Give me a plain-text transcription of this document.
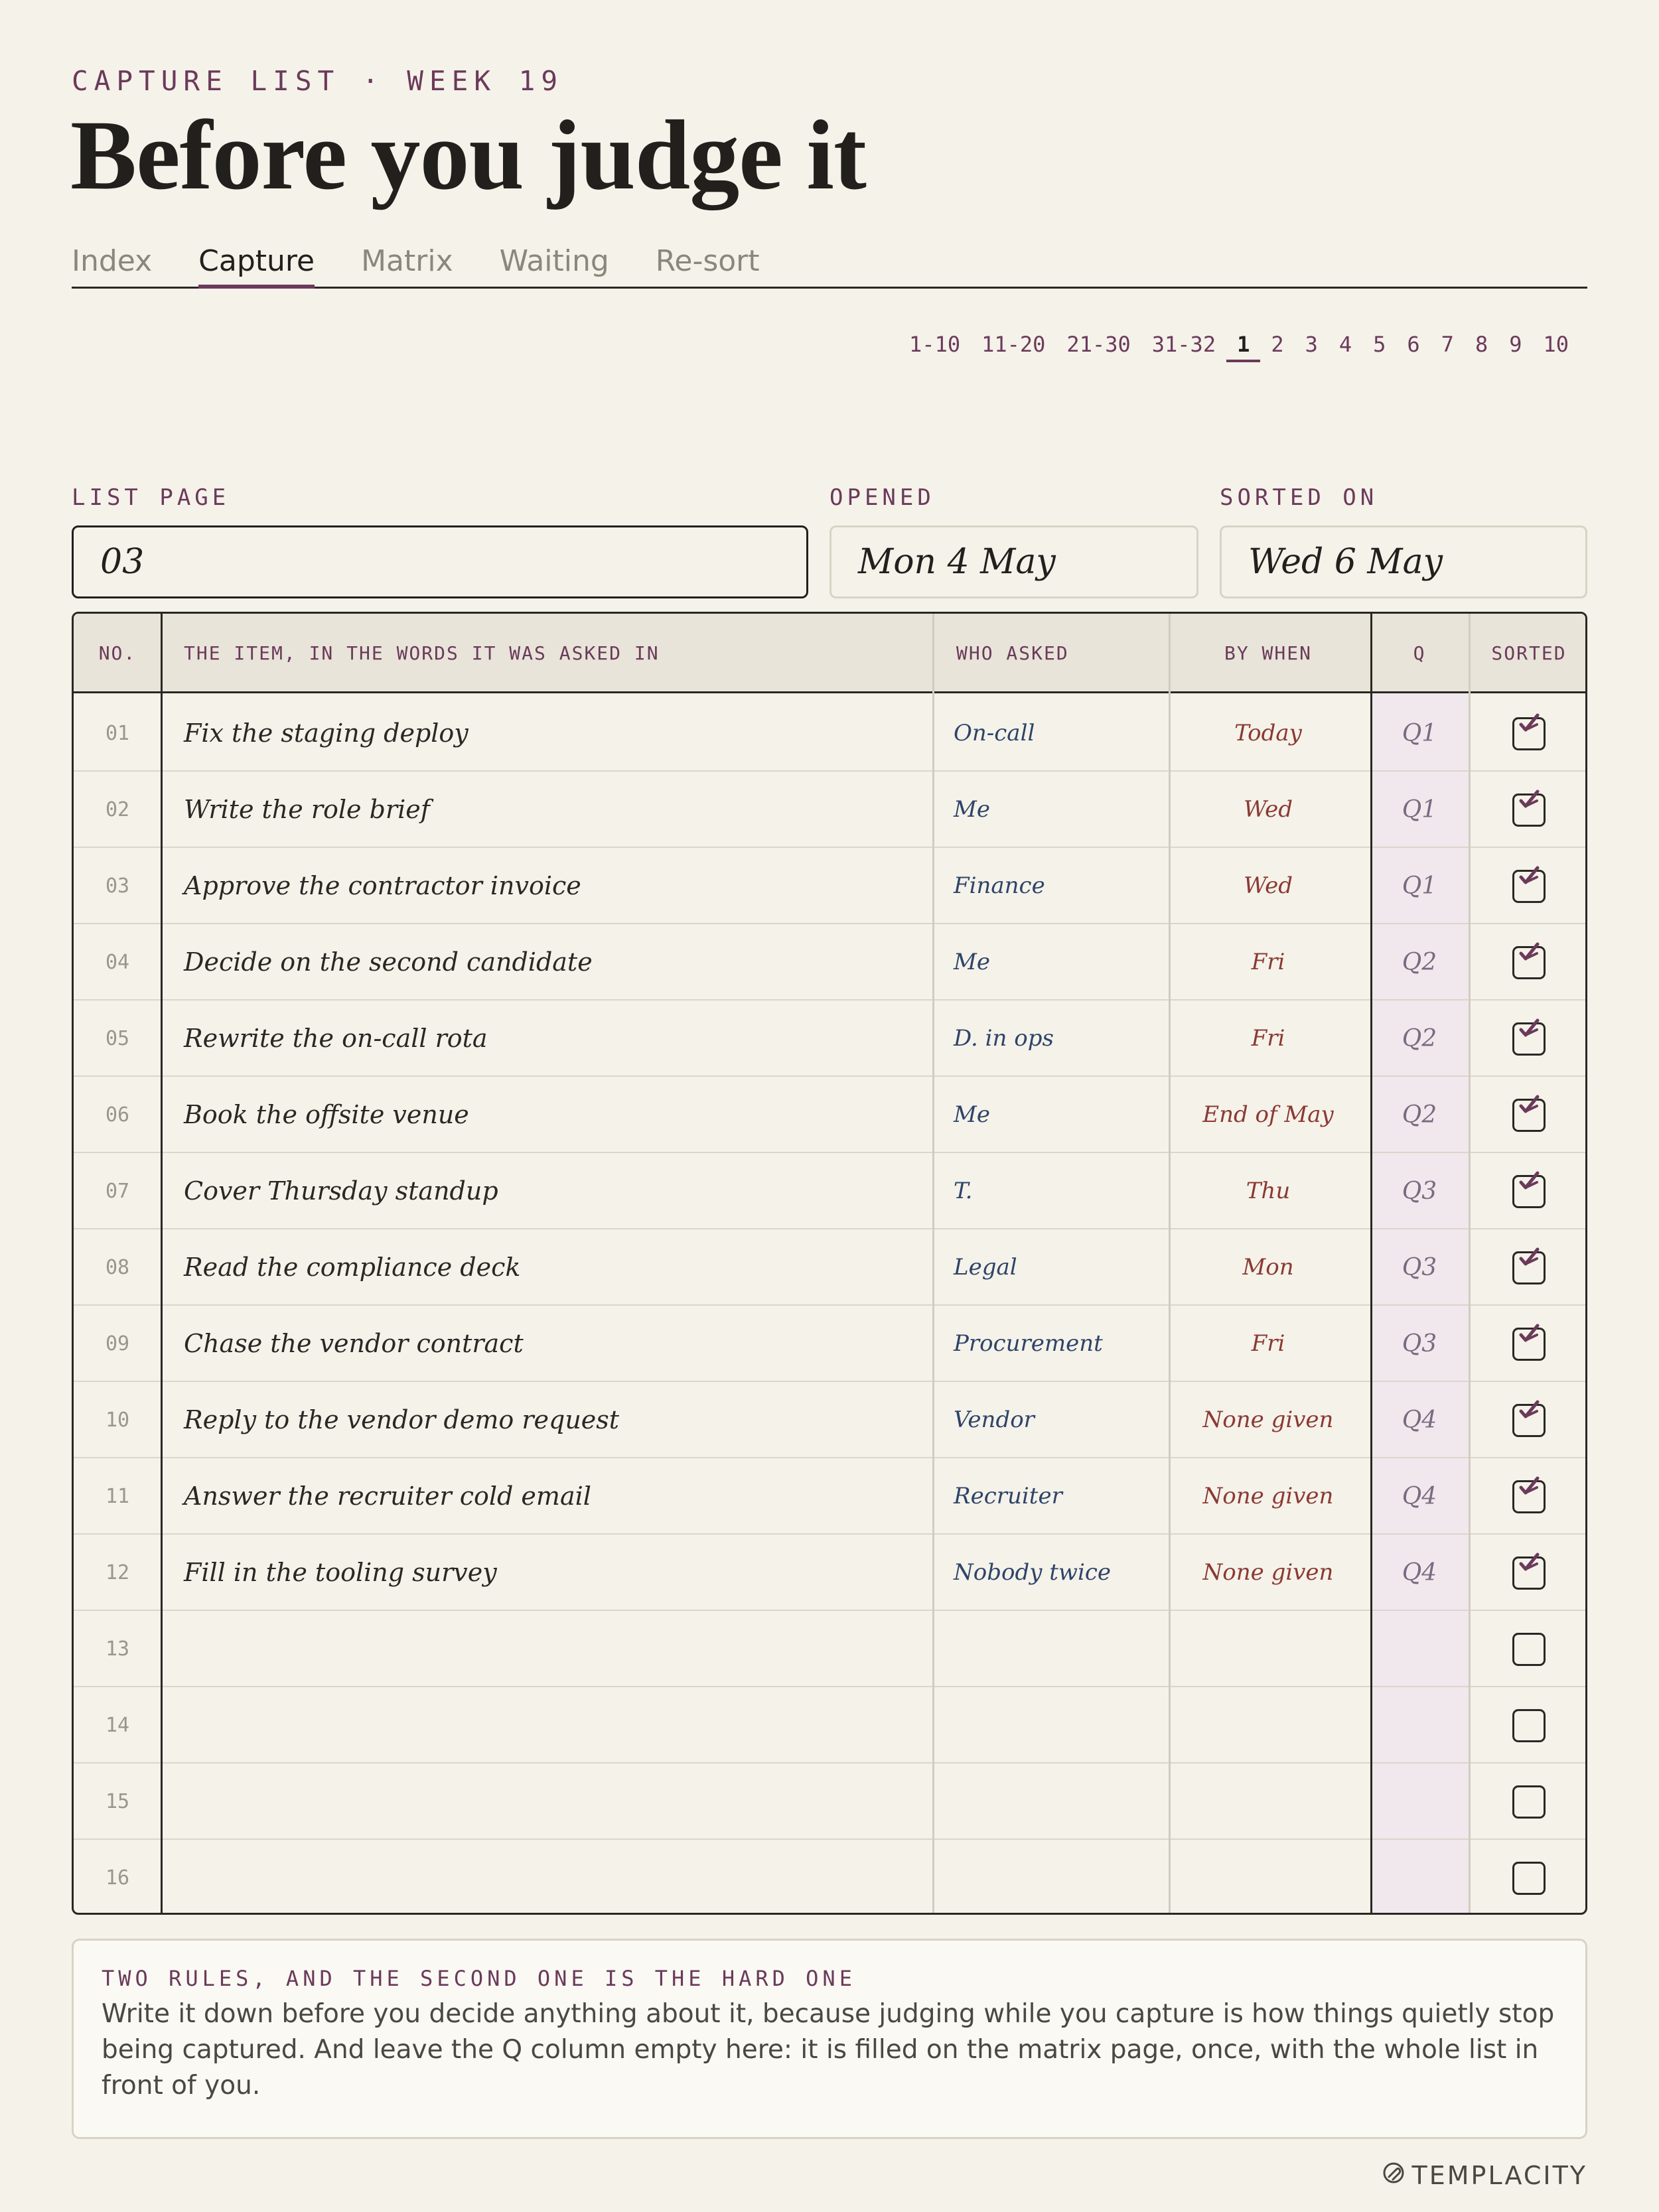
CAPTURE LIST · WEEK 19
Before you judge it
Index Capture Matrix Waiting Re-sort
1-10	11-20	21-30	31-32	1	2	3	4	5	6	7	8	9	10
LIST PAGE	OPENED	SORTED ON
03	Mon 4 May	Wed 6 May
NO.	THE ITEM, IN THE WORDS IT WAS ASKED IN	WHO ASKED	BY WHEN	Q	SORTED
01	Fix the staging deploy	On-call	Today	Q1
02	Write the role brief	Me	Wed	Q1
03	Approve the contractor invoice	Finance	Wed	Q1
04	Decide on the second candidate	Me	Fri	Q2
05	Rewrite the on-call rota	D. in ops	Fri	Q2
06	Book the offsite venue	Me	End of May	Q2
07	Cover Thursday standup	T.	Thu	Q3
08	Read the compliance deck	Legal	Mon	Q3
09	Chase the vendor contract	Procurement	Fri	Q3
10	Reply to the vendor demo request	Vendor	None given	Q4
11	Answer the recruiter cold email	Recruiter	None given	Q4
12	Fill in the tooling survey	Nobody twice	None given	Q4
13
14
15
16
TWO RULES, AND THE SECOND ONE IS THE HARD ONE
Write it down before you decide anything about it, because judging while you capture is how things quietly stop being captured. And leave the Q column empty here: it is filled on the matrix page, once, with the whole list in front of you.
TEMPLACITY
